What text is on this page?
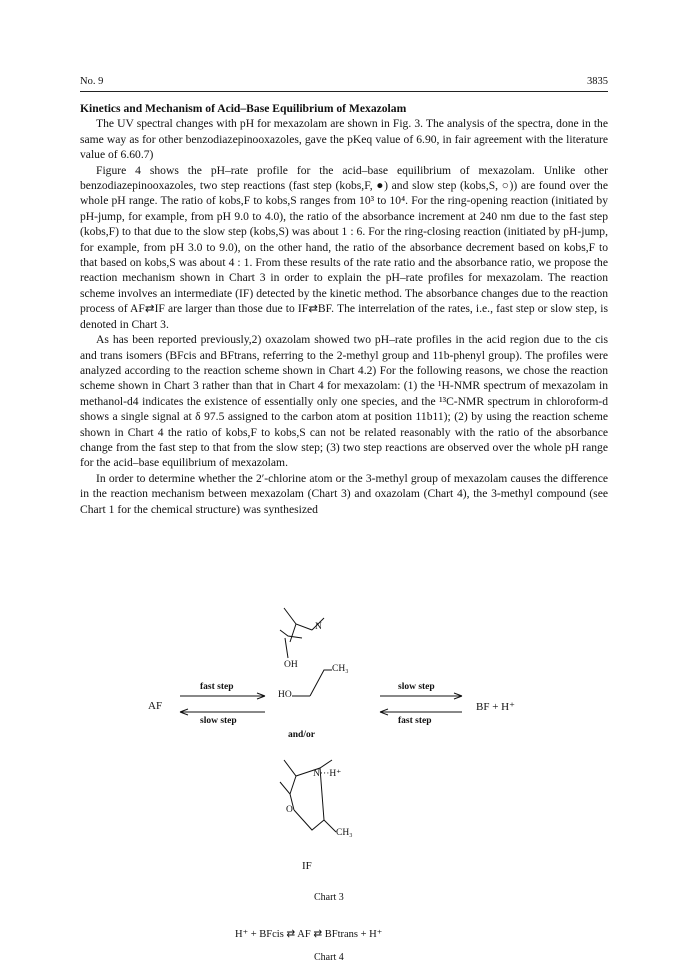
No. 9	3835

Kinetics and Mechanism of Acid–Base Equilibrium of Mexazolam

The UV spectral changes with pH for mexazolam are shown in Fig. 3. The analysis of the spectra, done in the same way as for other benzodiazepinooxazoles, gave the pKeq value of 6.90, in fair agreement with the literature value of 6.60.7)

Figure 4 shows the pH–rate profile for the acid–base equilibrium of mexazolam. Unlike other benzodiazepinooxazoles, two step reactions (fast step (kobs,F, ●) and slow step (kobs,S, ○)) are found over the whole pH range. The ratio of kobs,F to kobs,S ranges from 10³ to 10⁴. For the ring-opening reaction (initiated by pH-jump, for example, from pH 9.0 to 4.0), the ratio of the absorbance increment at 240 nm due to the fast step (kobs,F) to that due to the slow step (kobs,S) was about 1 : 6. For the ring-closing reaction (initiated by pH-jump, for example, from pH 3.0 to 9.0), on the other hand, the ratio of the absorbance decrement based on kobs,F to that based on kobs,S was about 4 : 1. From these results of the rate ratio and the absorbance ratio, we propose the reaction mechanism shown in Chart 3 in order to explain the pH–rate profiles for mexazolam. The reaction scheme involves an intermediate (IF) detected by the kinetic method. The absorbance changes due to the reaction process of AF⇄IF are larger than those due to IF⇄BF. The interrelation of the rates, i.e., fast step or slow step, is denoted in Chart 3.

As has been reported previously,2) oxazolam showed two pH–rate profiles in the acid region due to the cis and trans isomers (BFcis and BFtrans, referring to the 2-methyl group and 11b-phenyl group). The profiles were analyzed according to the reaction scheme shown in Chart 4.2) For the following reasons, we chose the reaction scheme shown in Chart 3 rather than that in Chart 4 for mexazolam: (1) the ¹H-NMR spectrum of mexazolam in methanol-d4 indicates the existence of essentially only one species, and the ¹³C-NMR spectrum in chloroform-d shows a single signal at δ 97.5 assigned to the carbon atom at position 11b11); (2) by using the reaction scheme shown in Chart 4 the ratio of kobs,F to kobs,S can not be related reasonably with the ratio of the absorbance change from the fast step to that from the slow step; (3) two step reactions are observed over the whole pH range for the acid–base equilibrium of mexazolam.

In order to determine whether the 2′-chlorine atom or the 3-methyl group of mexazolam causes the difference in the reaction mechanism between mexazolam (Chart 3) and oxazolam (Chart 4), the 3-methyl compound (see Chart 1 for the chemical structure) was synthesized

N
OH
HO
CH₃
AF
fast step
slow step
slow step
fast step
BF + H⁺
and/or
N···H⁺
O
CH₃
IF
Chart 3
H⁺ + BFcis ⇄ AF ⇄ BFtrans + H⁺
Chart 4
